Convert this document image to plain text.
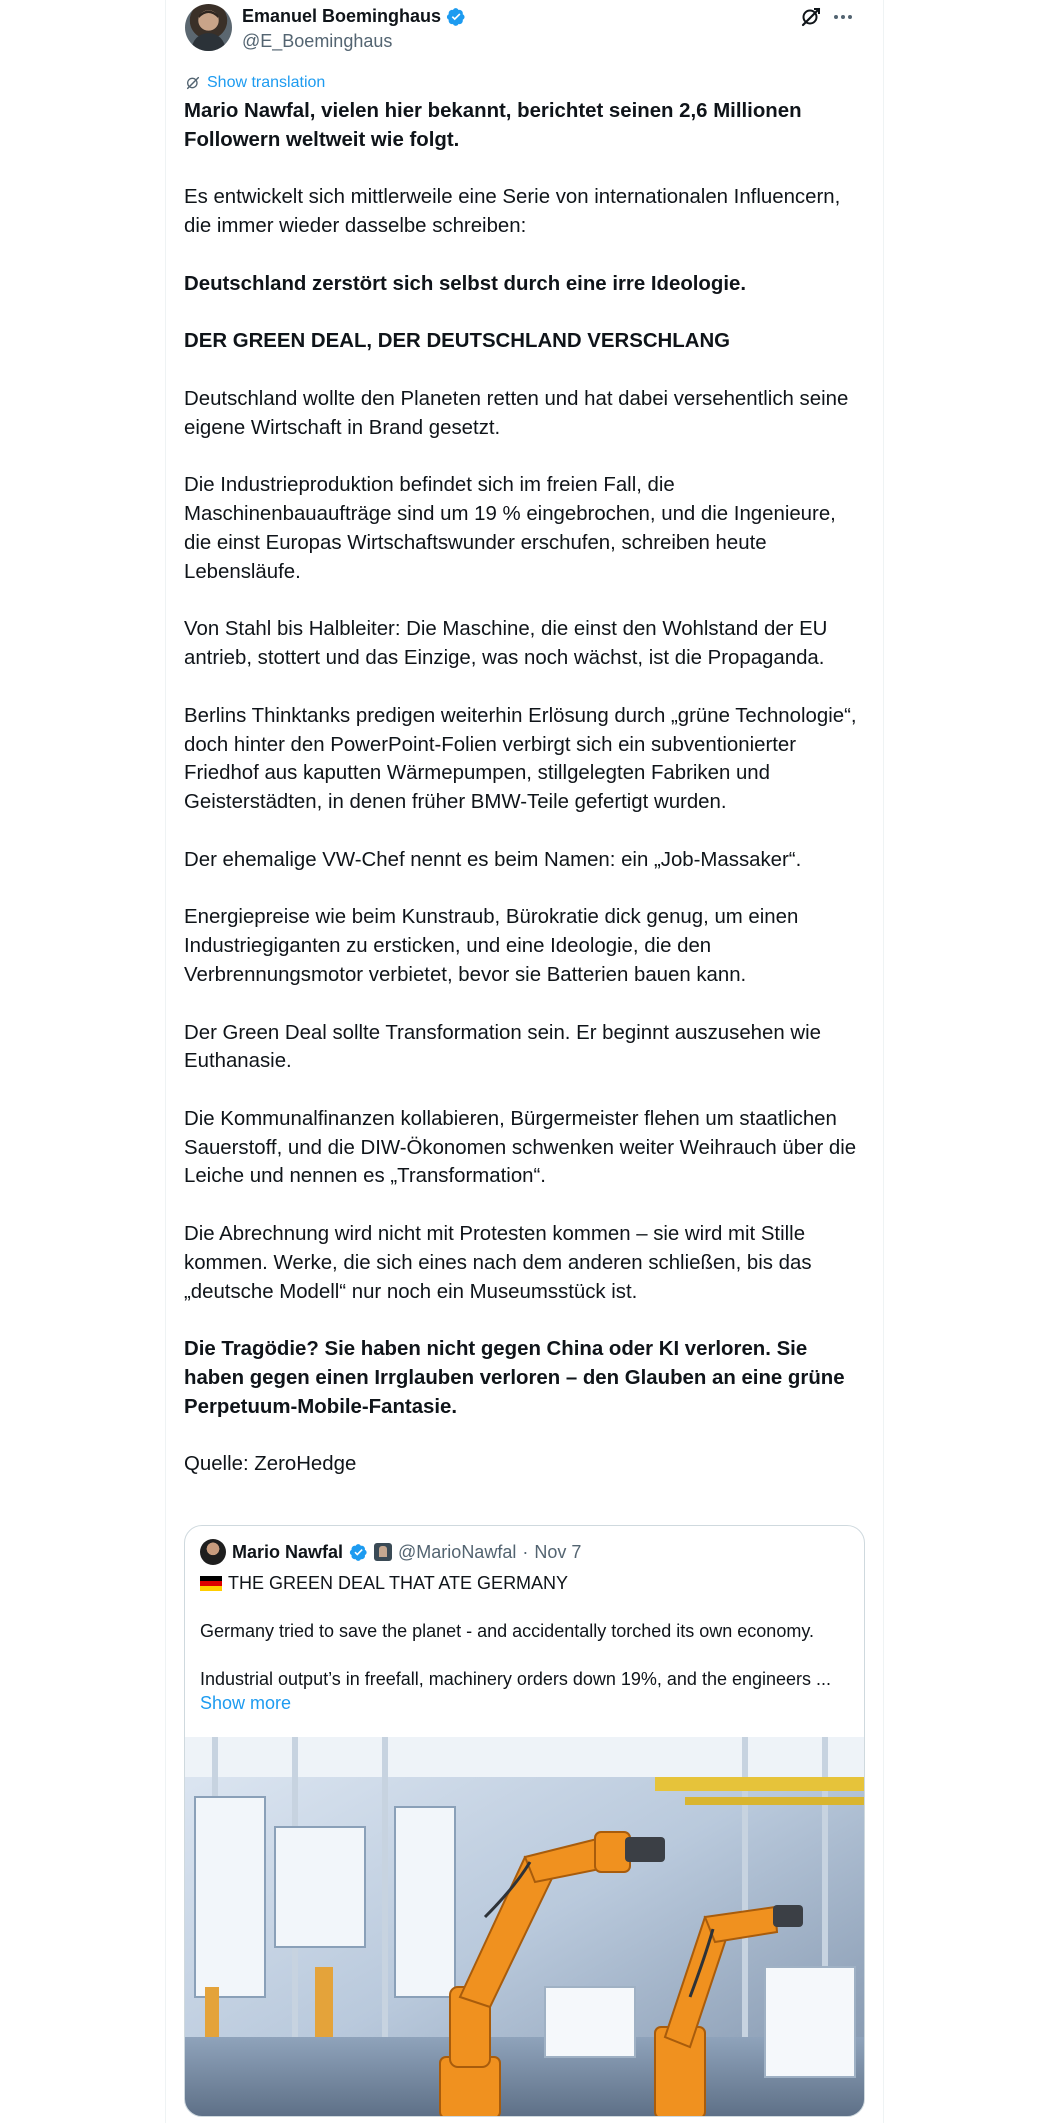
Emanuel Boeminghaus
@E_Boeminghaus
Show translation

Mario Nawfal, vielen hier bekannt, berichtet seinen 2,6 Millionen Followern weltweit wie folgt.

Es entwickelt sich mittlerweile eine Serie von internationalen Influencern, die immer wieder dasselbe schreiben:

Deutschland zerstört sich selbst durch eine irre Ideologie.

DER GREEN DEAL, DER DEUTSCHLAND VERSCHLANG

Deutschland wollte den Planeten retten und hat dabei versehentlich seine eigene Wirtschaft in Brand gesetzt.

Die Industrieproduktion befindet sich im freien Fall, die Maschinenbauaufträge sind um 19 % eingebrochen, und die Ingenieure, die einst Europas Wirtschaftswunder erschufen, schreiben heute Lebensläufe.

Von Stahl bis Halbleiter: Die Maschine, die einst den Wohlstand der EU antrieb, stottert und das Einzige, was noch wächst, ist die Propaganda.

Berlins Thinktanks predigen weiterhin Erlösung durch „grüne Technologie“, doch hinter den PowerPoint-Folien verbirgt sich ein subventionierter Friedhof aus kaputten Wärmepumpen, stillgelegten Fabriken und Geisterstädten, in denen früher BMW-Teile gefertigt wurden.

Der ehemalige VW-Chef nennt es beim Namen: ein „Job-Massaker“.

Energiepreise wie beim Kunstraub, Bürokratie dick genug, um einen Industriegiganten zu ersticken, und eine Ideologie, die den Verbrennungsmotor verbietet, bevor sie Batterien bauen kann.

Der Green Deal sollte Transformation sein. Er beginnt auszusehen wie Euthanasie.

Die Kommunalfinanzen kollabieren, Bürgermeister flehen um staatlichen Sauerstoff, und die DIW-Ökonomen schwenken weiter Weihrauch über die Leiche und nennen es „Transformation“.

Die Abrechnung wird nicht mit Protesten kommen – sie wird mit Stille kommen. Werke, die sich eines nach dem anderen schließen, bis das „deutsche Modell“ nur noch ein Museumsstück ist.

Die Tragödie? Sie haben nicht gegen China oder KI verloren. Sie haben gegen einen Irrglauben verloren – den Glauben an eine grüne Perpetuum-Mobile-Fantasie.

Quelle: ZeroHedge

Mario Nawfal	@MarioNawfal · Nov 7
THE GREEN DEAL THAT ATE GERMANY
Germany tried to save the planet - and accidentally torched its own economy.
Industrial output’s in freefall, machinery orders down 19%, and the engineers ...
Show more
